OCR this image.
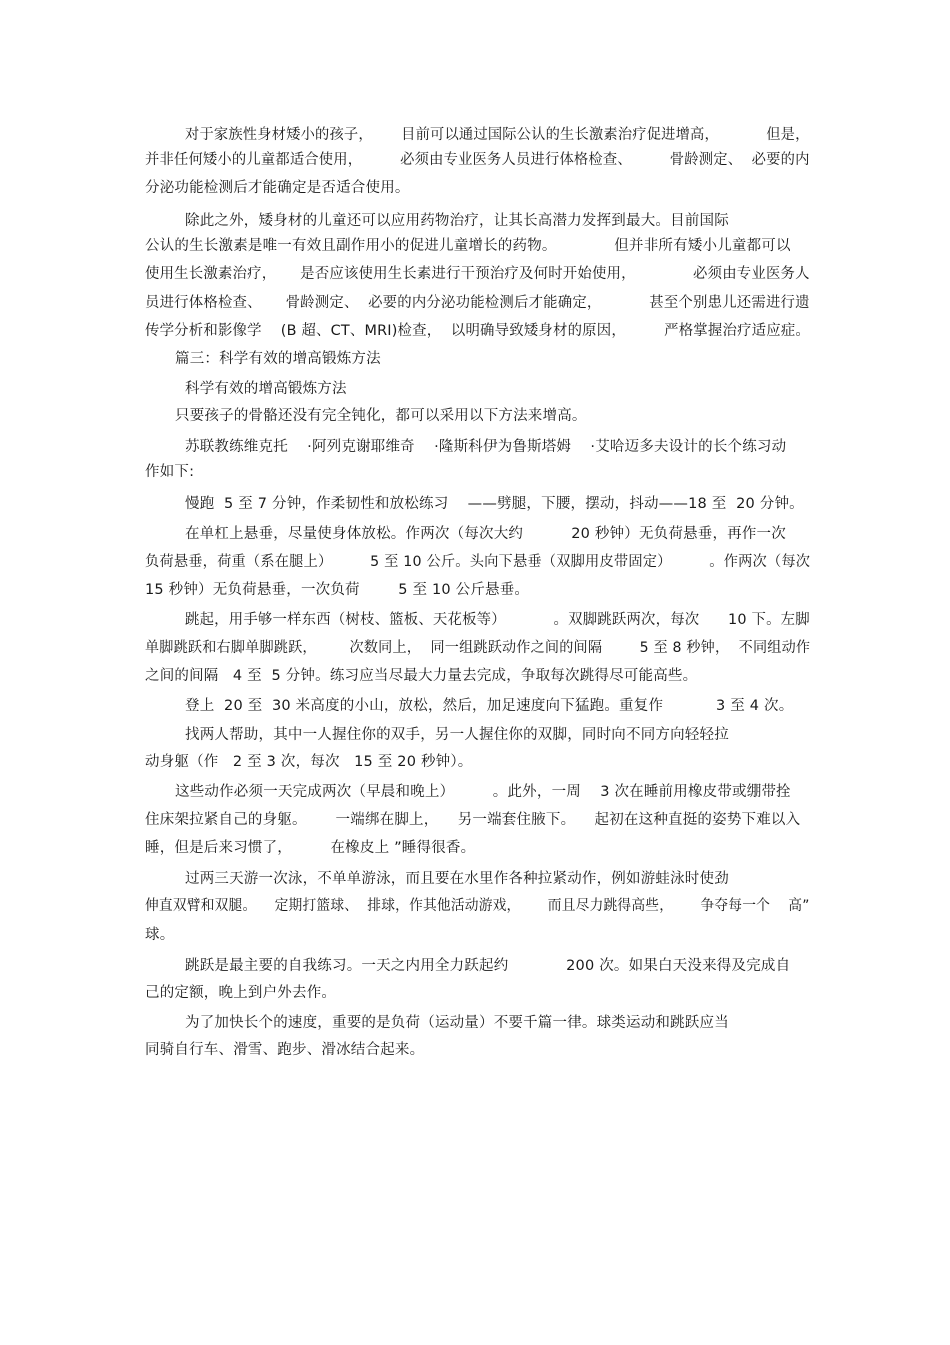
对于家族性身材矮小的孩子，      目前可以通过国际公认的生长激素治疗促进增高，          但是，
并非任何矮小的儿童都适合使用，        必须由专业医务人员进行体格检查、        骨龄测定、  必要的内
分泌功能检测后才能确定是否适合使用。
除此之外，矮身材的儿童还可以应用药物治疗，让其长高潜力发挥到最大。目前国际
公认的生长激素是唯一有效且副作用小的促进儿童增长的药物。            但并非所有矮小儿童都可以
使用生长激素治疗，     是否应该使用生长素进行干预治疗及何时开始使用，            必须由专业医务人
员进行体格检查、     骨龄测定、  必要的内分泌功能检测后才能确定，          甚至个别患儿还需进行遗
传学分析和影像学    (B 超、CT、MRI)检查，  以明确导致矮身材的原因，        严格掌握治疗适应症。
篇三：科学有效的增高锻炼方法
科学有效的增高锻炼方法
只要孩子的骨骼还没有完全钝化，都可以采用以下方法来增高。
苏联教练维克托    ·阿列克谢耶维奇    ·隆斯科伊为鲁斯塔姆    ·艾哈迈多夫设计的长个练习动
作如下:
慢跑  5 至 7 分钟，作柔韧性和放松练习    ——劈腿，下腰，摆动，抖动——18 至  20 分钟。
在单杠上悬垂，尽量使身体放松。作两次（每次大约          20 秒钟）无负荷悬垂，再作一次
负荷悬垂，荷重（系在腿上）        5 至 10 公斤。头向下悬垂（双脚用皮带固定）        。作两次（每次
15 秒钟）无负荷悬垂，一次负荷        5 至 10 公斤悬垂。
跳起，用手够一样东西（树枝、篮板、天花板等）          。双脚跳跃两次，每次      10 下。左脚
单脚跳跃和右脚单脚跳跃，       次数同上，  同一组跳跃动作之间的间隔        5 至 8 秒钟，  不同组动作
之间的间隔   4 至  5 分钟。练习应当尽最大力量去完成，争取每次跳得尽可能高些。
登上  20 至  30 米高度的小山，放松，然后，加足速度向下猛跑。重复作           3 至 4 次。
找两人帮助，其中一人握住你的双手，另一人握住你的双脚，同时向不同方向轻轻拉
动身躯（作   2 至 3 次，每次   15 至 20 秒钟）。
这些动作必须一天完成两次（早晨和晚上）        。此外，一周    3 次在睡前用橡皮带或绷带拴
住床架拉紧自己的身躯。      一端绑在脚上，    另一端套住腋下。    起初在这种直挺的姿势下难以入
睡，但是后来习惯了，        在橡皮上 ”睡得很香。
过两三天游一次泳，不单单游泳，而且要在水里作各种拉紧动作，例如游蛙泳时使劲
伸直双臂和双腿。    定期打篮球、  排球，作其他活动游戏，      而且尽力跳得高些，      争夺每一个    高”
球。
跳跃是最主要的自我练习。一天之内用全力跃起约            200 次。如果白天没来得及完成自
己的定额，晚上到户外去作。
为了加快长个的速度，重要的是负荷（运动量）不要千篇一律。球类运动和跳跃应当
同骑自行车、滑雪、跑步、滑冰结合起来。
